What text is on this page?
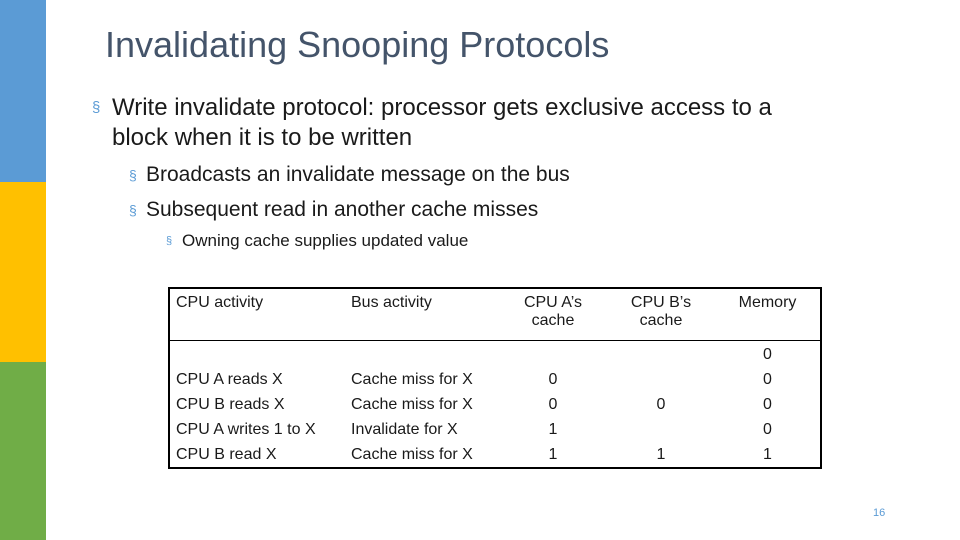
Invalidating Snooping Protocols
§ Write invalidate protocol: processor gets exclusive access to a
block when it is to be written
§ Broadcasts an invalidate message on the bus
§ Subsequent read in another cache misses
§ Owning cache supplies updated value
CPU activity	Bus activity	CPU A’s cache	CPU B’s cache	Memory
				0
CPU A reads X	Cache miss for X	0		0
CPU B reads X	Cache miss for X	0	0	0
CPU A writes 1 to X	Invalidate for X	1		0
CPU B read X	Cache miss for X	1	1	1
16
